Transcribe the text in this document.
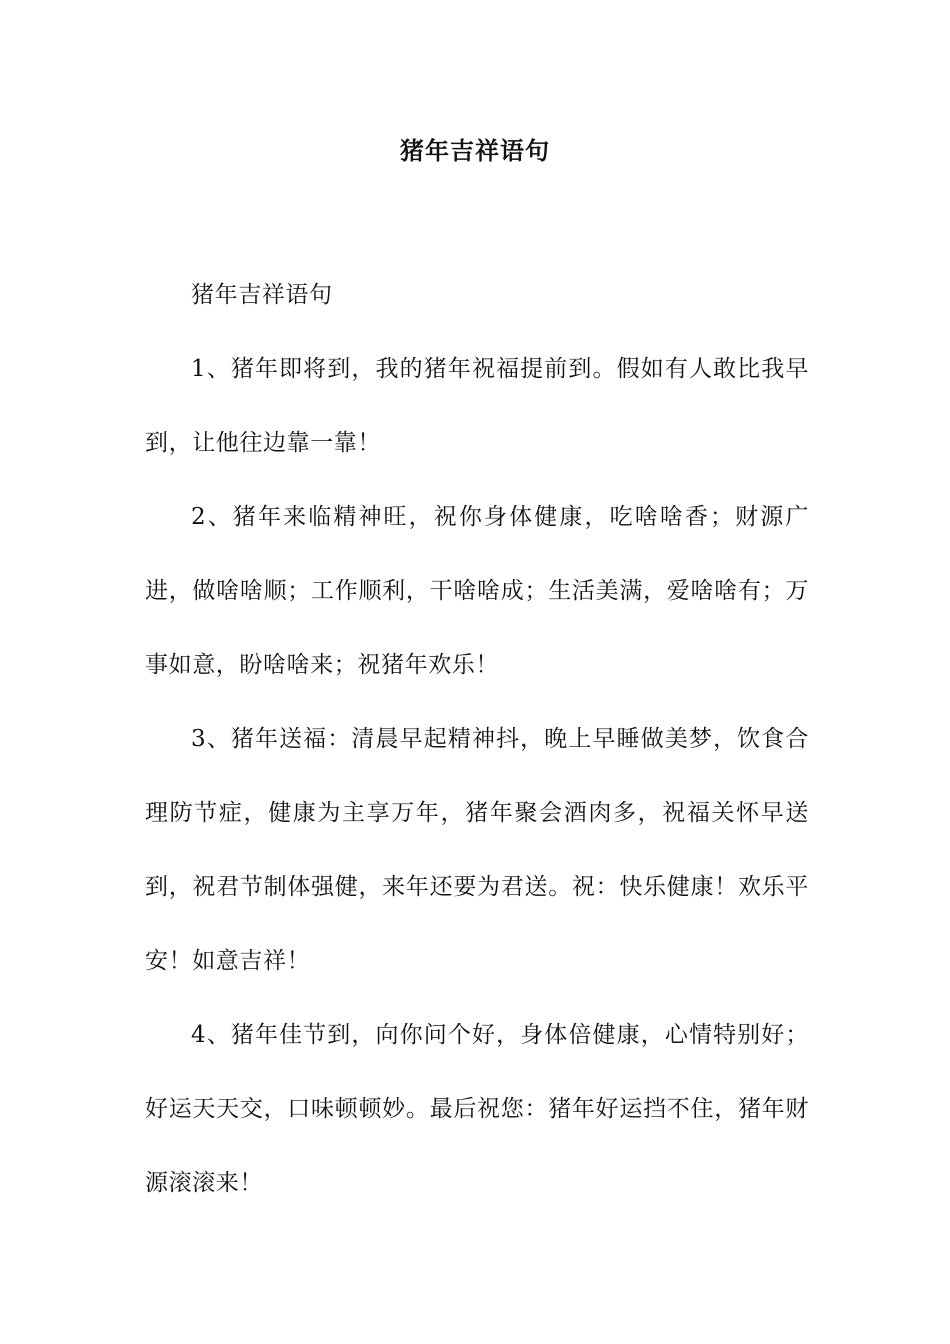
猪年吉祥语句

猪年吉祥语句

1、猪年即将到，我的猪年祝福提前到。假如有人敢比我早到，让他往边靠一靠！

2、猪年来临精神旺，祝你身体健康，吃啥啥香；财源广进，做啥啥顺；工作顺利，干啥啥成；生活美满，爱啥啥有；万事如意，盼啥啥来；祝猪年欢乐！

3、猪年送福：清晨早起精神抖，晚上早睡做美梦，饮食合理防节症，健康为主享万年，猪年聚会酒肉多，祝福关怀早送到，祝君节制体强健，来年还要为君送。祝：快乐健康！欢乐平安！如意吉祥！

4、猪年佳节到，向你问个好，身体倍健康，心情特别好；好运天天交，口味顿顿妙。最后祝您：猪年好运挡不住，猪年财源滚滚来！
